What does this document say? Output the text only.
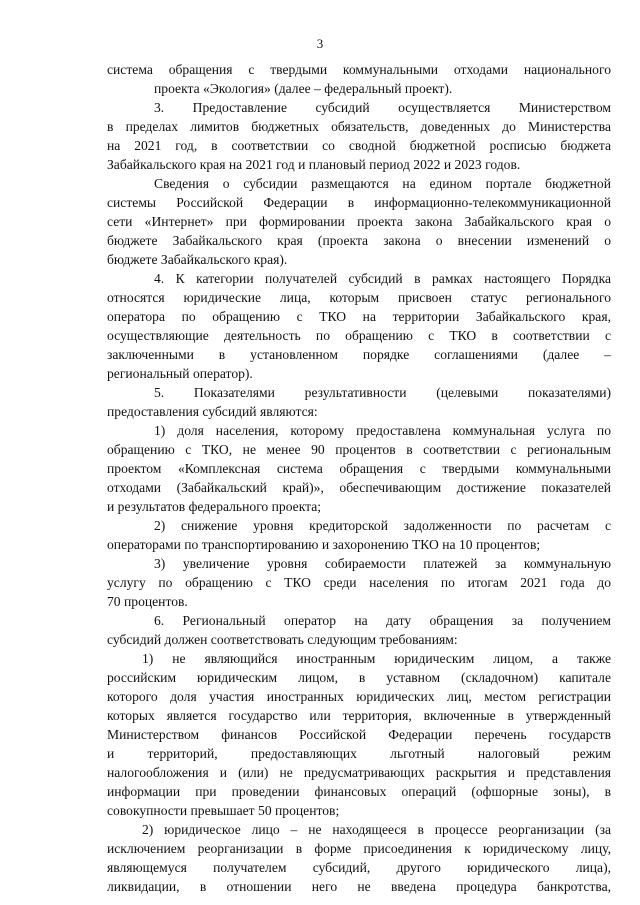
3

система обращения с твердыми коммунальными отходами национального

проекта «Экология» (далее – федеральный проект).

3. Предоставление субсидий осуществляется Министерством

в пределах лимитов бюджетных обязательств, доведенных до Министерства

на 2021 год, в соответствии со сводной бюджетной росписью бюджета

Забайкальского края на 2021 год и плановый период 2022 и 2023 годов.

Сведения о субсидии размещаются на едином портале бюджетной

системы Российской Федерации в информационно-телекоммуникационной

сети «Интернет» при формировании проекта закона Забайкальского края о

бюджете Забайкальского края (проекта закона о внесении изменений о

бюджете Забайкальского края).

4. К категории получателей субсидий в рамках настоящего Порядка

относятся юридические лица, которым присвоен статус регионального

оператора по обращению с ТКО на территории Забайкальского края,

осуществляющие деятельность по обращению с ТКО в соответствии с

заключенными в установленном порядке соглашениями (далее –

региональный оператор).

5. Показателями результативности (целевыми показателями)

предоставления субсидий являются:

1) доля населения, которому предоставлена коммунальная услуга по

обращению с ТКО, не менее 90 процентов в соответствии с региональным

проектом «Комплексная система обращения с твердыми коммунальными

отходами (Забайкальский край)», обеспечивающим достижение показателей

и результатов федерального проекта;

2) снижение уровня кредиторской задолженности по расчетам с

операторами по транспортированию и захоронению ТКО на 10 процентов;

3) увеличение уровня собираемости платежей за коммунальную

услугу по обращению с ТКО среди населения по итогам 2021 года до

70 процентов.

6. Региональный оператор на дату обращения за получением

субсидий должен соответствовать следующим требованиям:

1) не являющийся иностранным юридическим лицом, а также

российским юридическим лицом, в уставном (складочном) капитале

которого доля участия иностранных юридических лиц, местом регистрации

которых является государство или территория, включенные в утвержденный

Министерством финансов Российской Федерации перечень государств

и территорий, предоставляющих льготный налоговый режим

налогообложения и (или) не предусматривающих раскрытия и представления

информации при проведении финансовых операций (офшорные зоны), в

совокупности превышает 50 процентов;

2) юридическое лицо – не находящееся в процессе реорганизации (за

исключением реорганизации в форме присоединения к юридическому лицу,

являющемуся получателем субсидий, другого юридического лица),

ликвидации, в отношении него не введена процедура банкротства,
